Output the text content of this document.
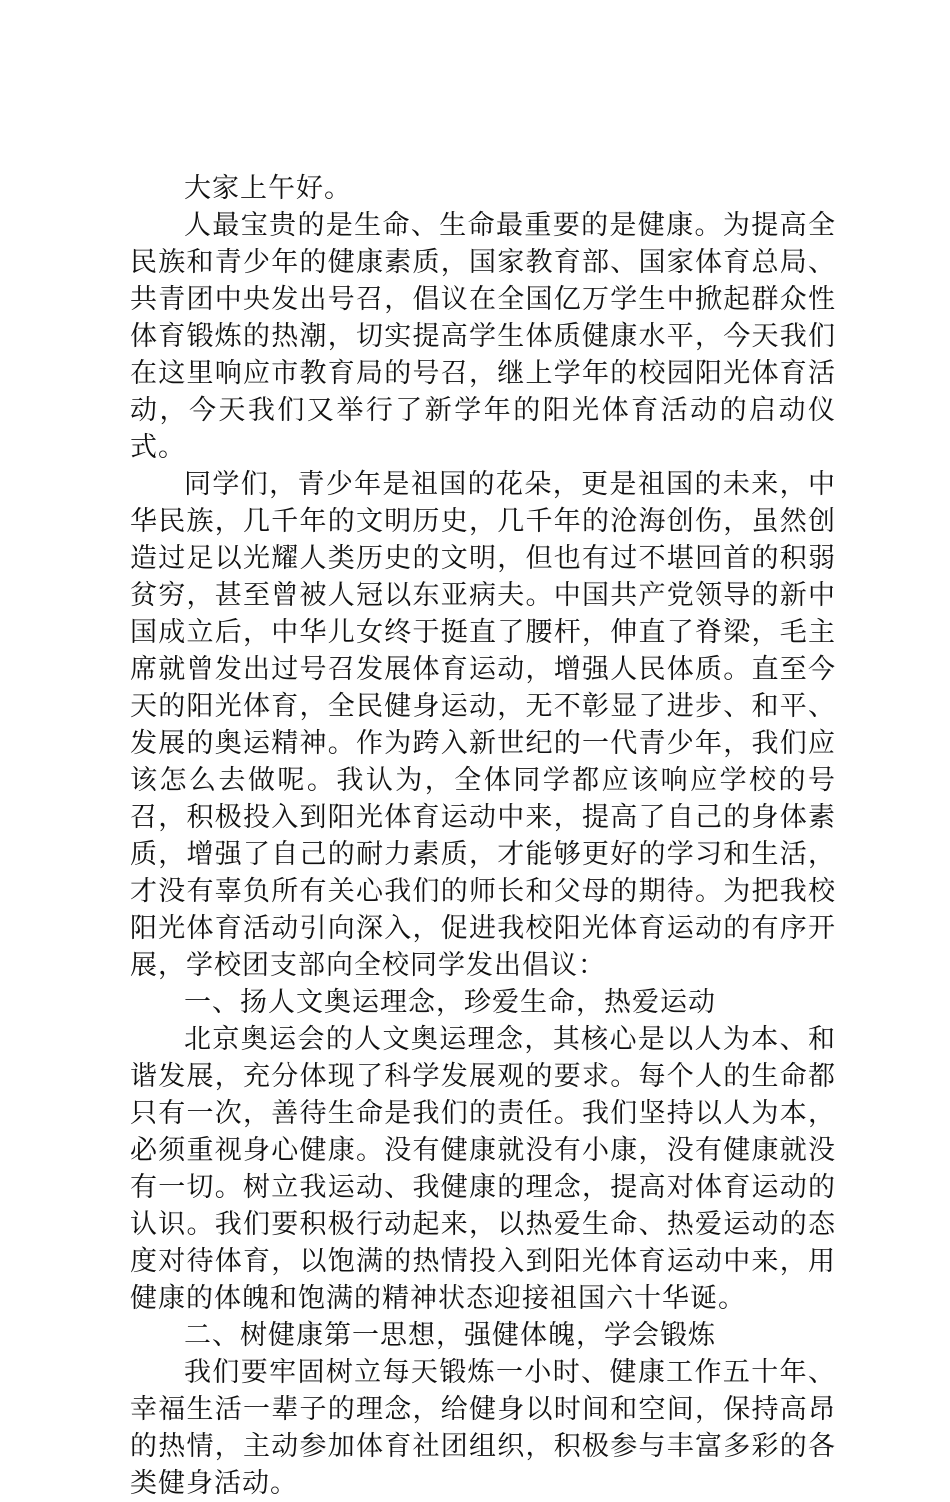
大家上午好。

人最宝贵的是生命、生命最重要的是健康。为提高全民族和青少年的健康素质，国家教育部、国家体育总局、共青团中央发出号召，倡议在全国亿万学生中掀起群众性体育锻炼的热潮，切实提高学生体质健康水平，今天我们在这里响应市教育局的号召，继上学年的校园阳光体育活动，今天我们又举行了新学年的阳光体育活动的启动仪式。

同学们，青少年是祖国的花朵，更是祖国的未来，中华民族，几千年的文明历史，几千年的沧海创伤，虽然创造过足以光耀人类历史的文明，但也有过不堪回首的积弱贫穷，甚至曾被人冠以东亚病夫。中国共产党领导的新中国成立后，中华儿女终于挺直了腰杆，伸直了脊梁，毛主席就曾发出过号召发展体育运动，增强人民体质。直至今天的阳光体育，全民健身运动，无不彰显了进步、和平、发展的奥运精神。作为跨入新世纪的一代青少年，我们应该怎么去做呢。我认为，全体同学都应该响应学校的号召，积极投入到阳光体育运动中来，提高了自己的身体素质，增强了自己的耐力素质，才能够更好的学习和生活，才没有辜负所有关心我们的师长和父母的期待。为把我校阳光体育活动引向深入，促进我校阳光体育运动的有序开展，学校团支部向全校同学发出倡议：

一、扬人文奥运理念，珍爱生命，热爱运动

北京奥运会的人文奥运理念，其核心是以人为本、和谐发展，充分体现了科学发展观的要求。每个人的生命都只有一次，善待生命是我们的责任。我们坚持以人为本，必须重视身心健康。没有健康就没有小康，没有健康就没有一切。树立我运动、我健康的理念，提高对体育运动的认识。我们要积极行动起来，以热爱生命、热爱运动的态度对待体育，以饱满的热情投入到阳光体育运动中来，用健康的体魄和饱满的精神状态迎接祖国六十华诞。

二、树健康第一思想，强健体魄，学会锻炼

我们要牢固树立每天锻炼一小时、健康工作五十年、幸福生活一辈子的理念，给健身以时间和空间，保持高昂的热情，主动参加体育社团组织，积极参与丰富多彩的各类健身活动。
